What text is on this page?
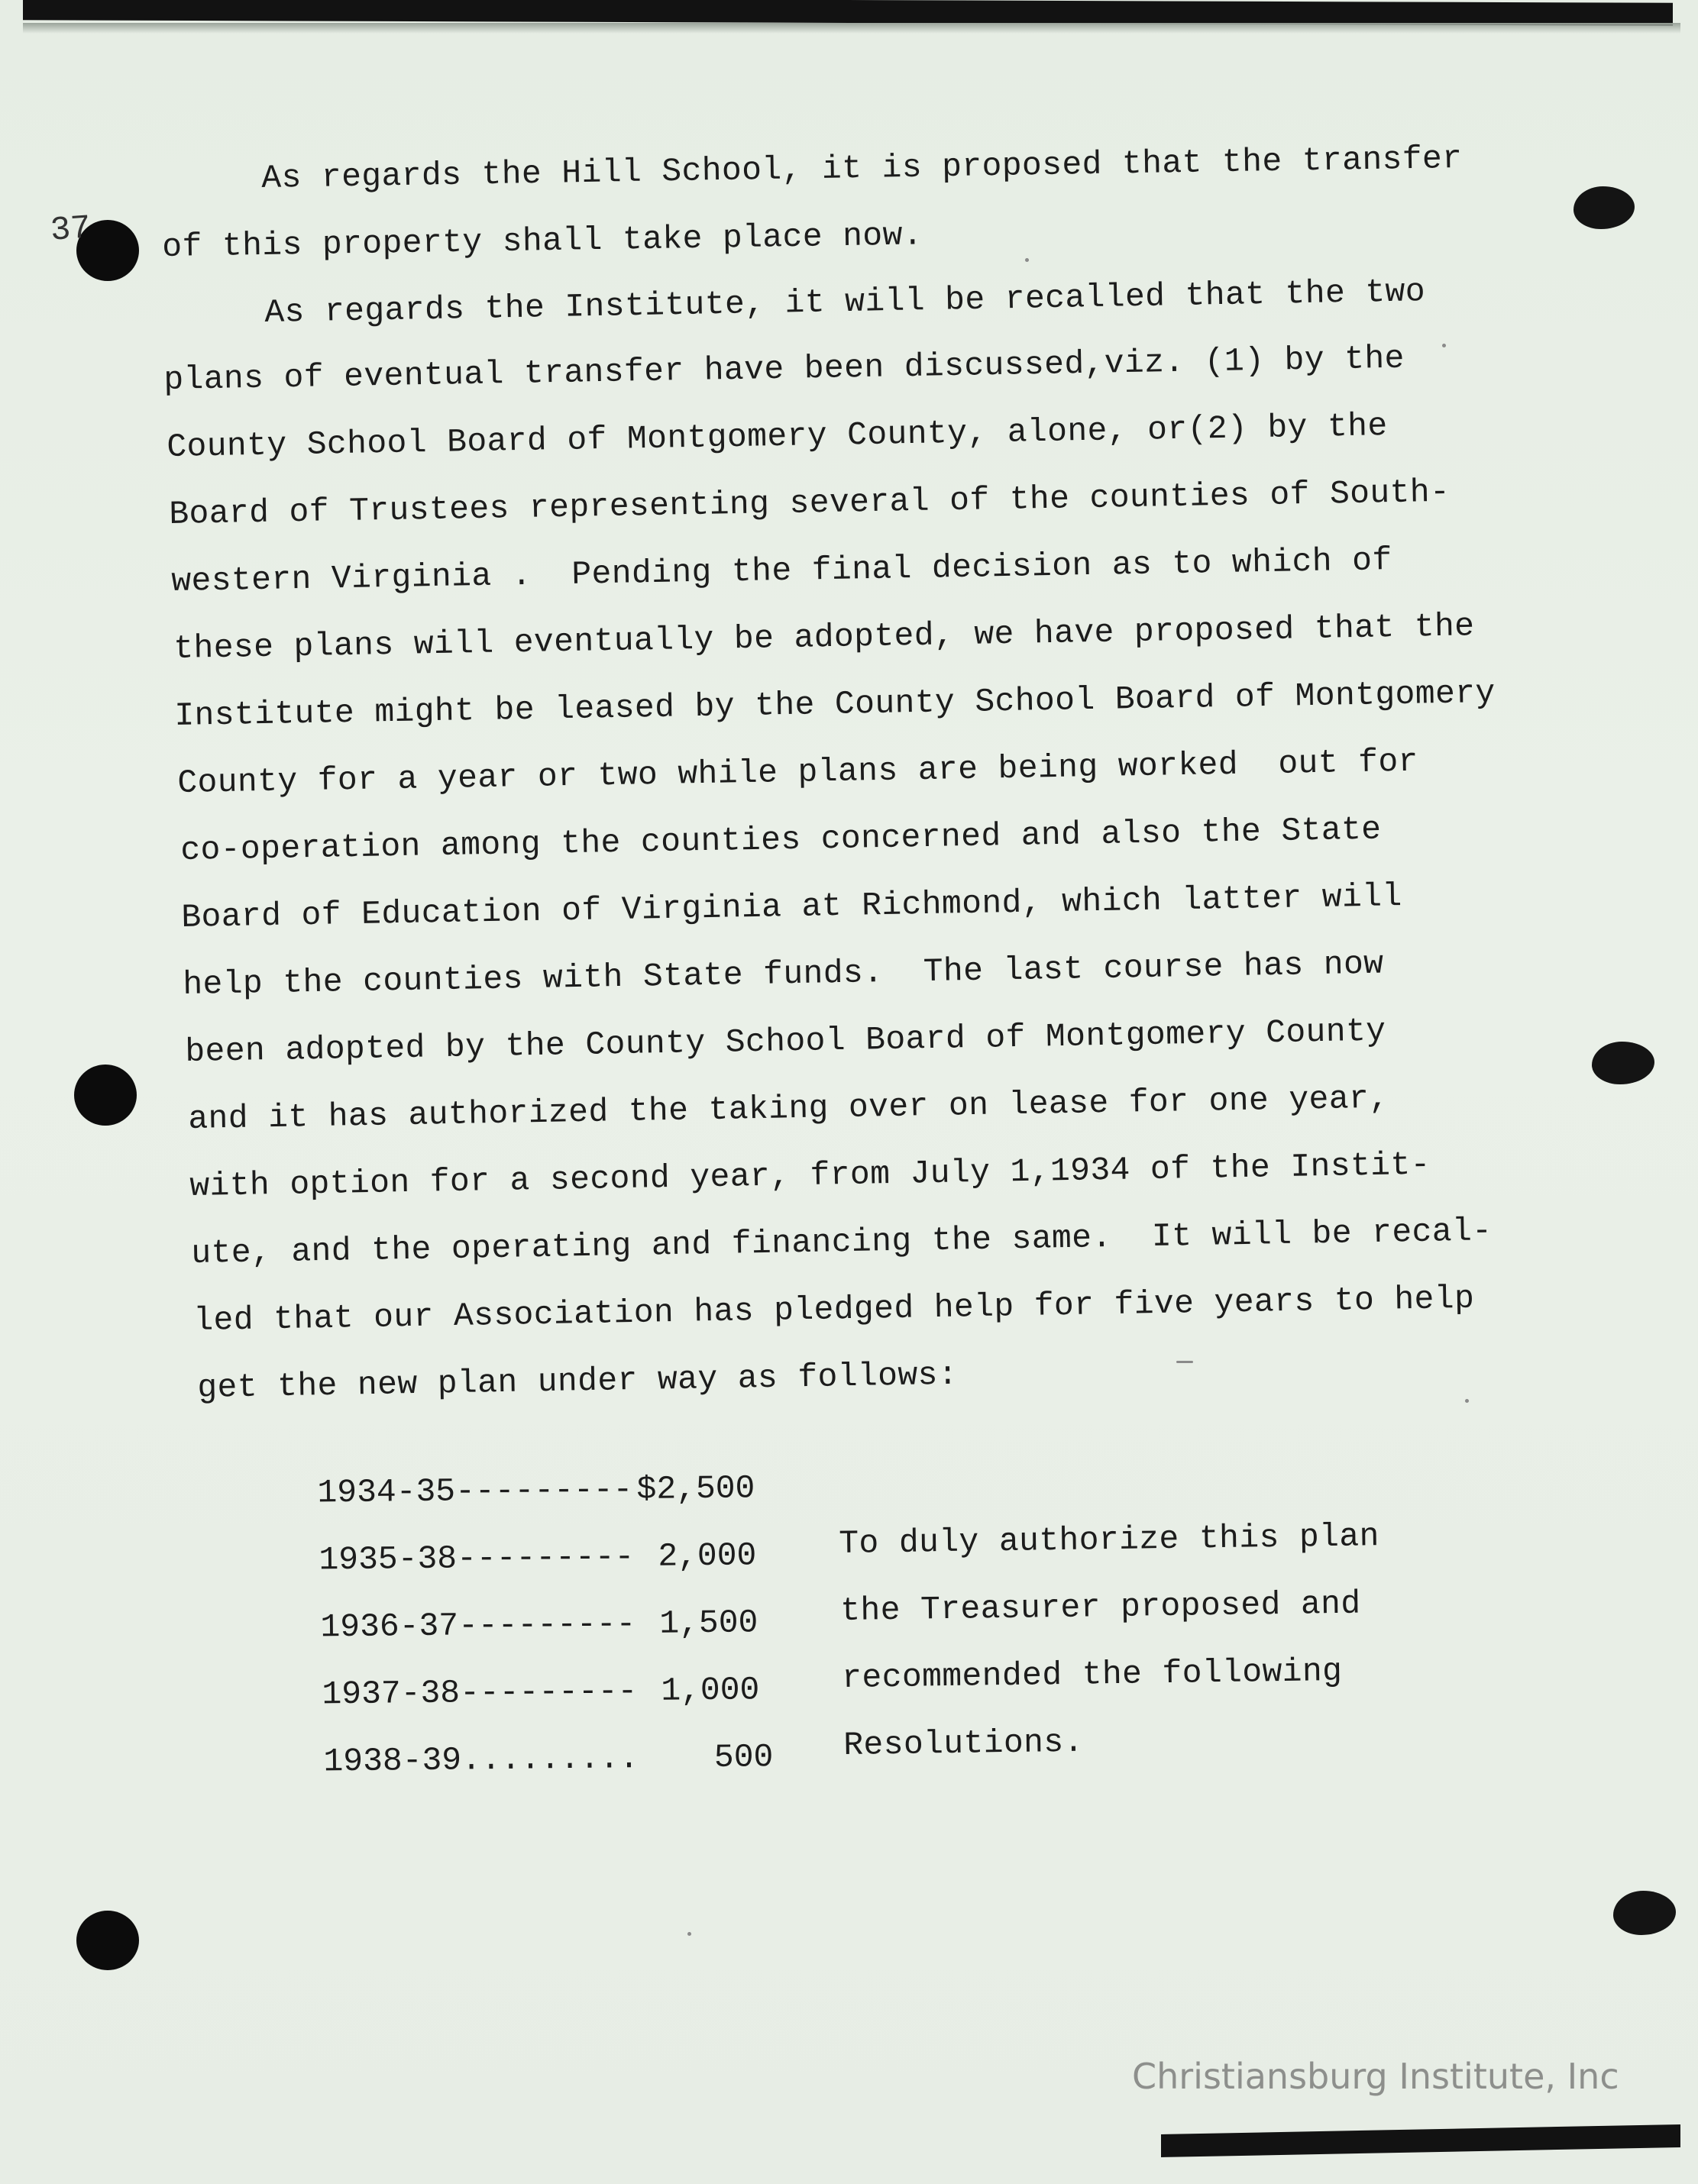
37
As regards the Hill School, it is proposed that the transfer
of this property shall take place now.
As regards the Institute, it will be recalled that the two
plans of eventual transfer have been discussed,viz. (1) by the
County School Board of Montgomery County, alone, or(2) by the
Board of Trustees representing several of the counties of South-
western Virginia .  Pending the final decision as to which of
these plans will eventually be adopted, we have proposed that the
Institute might be leased by the County School Board of Montgomery
County for a year or two while plans are being worked  out for
co-operation among the counties concerned and also the State
Board of Education of Virginia at Richmond, which latter will
help the counties with State funds.  The last course has now
been adopted by the County School Board of Montgomery County
and it has authorized the taking over on lease for one year,
with option for a second year, from July 1,1934 of the Instit-
ute, and the operating and financing the same.  It will be recal-
led that our Association has pledged help for five years to help
get the new plan under way as follows:

1934-35--------- $2,500

1935-38--------- 2,000

1936-37--------- 1,500

1937-38--------- 1,000

1938-39......... 500

To duly authorize this plan
the Treasurer proposed and
recommended the following
Resolutions.
Christiansburg Institute, Inc
